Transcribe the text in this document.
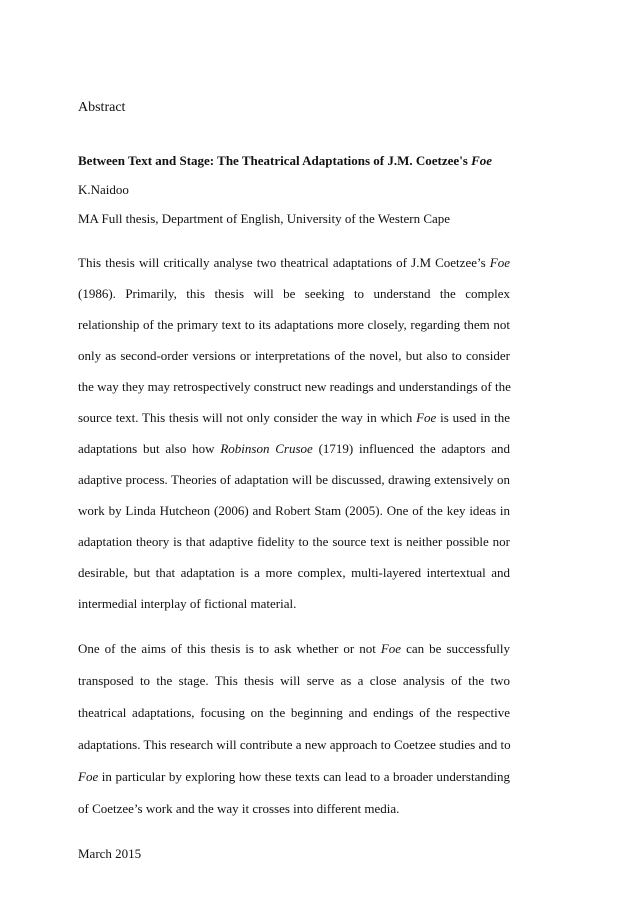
Abstract
Between Text and Stage: The Theatrical Adaptations of J.M. Coetzee's Foe
K.Naidoo
MA Full thesis, Department of English, University of the Western Cape
This thesis will critically analyse two theatrical adaptations of J.M Coetzee’s Foe
(1986). Primarily, this thesis will be seeking to understand the complex
relationship of the primary text to its adaptations more closely, regarding them not
only as second-order versions or interpretations of the novel, but also to consider
the way they may retrospectively construct new readings and understandings of the
source text. This thesis will not only consider the way in which Foe is used in the
adaptations but also how Robinson Crusoe (1719) influenced the adaptors and
adaptive process. Theories of adaptation will be discussed, drawing extensively on
work by Linda Hutcheon (2006) and Robert Stam (2005). One of the key ideas in
adaptation theory is that adaptive fidelity to the source text is neither possible nor
desirable, but that adaptation is a more complex, multi-layered intertextual and
intermedial interplay of fictional material.
One of the aims of this thesis is to ask whether or not Foe can be successfully
transposed to the stage. This thesis will serve as a close analysis of the two
theatrical adaptations, focusing on the beginning and endings of the respective
adaptations. This research will contribute a new approach to Coetzee studies and to
Foe in particular by exploring how these texts can lead to a broader understanding
of Coetzee’s work and the way it crosses into different media.
March 2015
